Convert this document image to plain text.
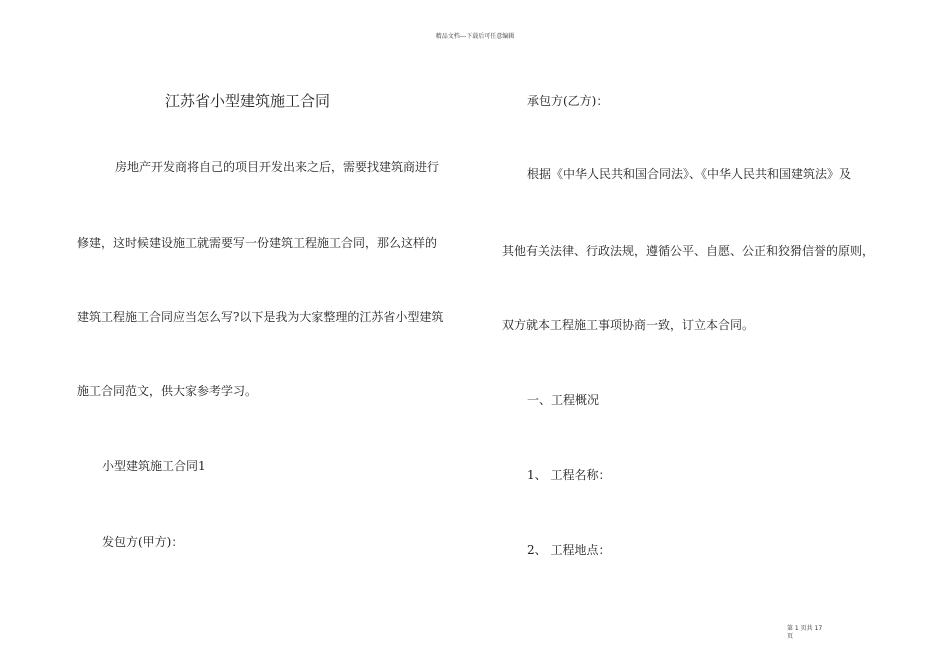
精品文档---下载后可任意编辑
江苏省小型建筑施工合同
房地产开发商将自己的项目开发出来之后，需要找建筑商进行
修建，这时候建设施工就需要写一份建筑工程施工合同，那么这样的
建筑工程施工合同应当怎么写?以下是我为大家整理的江苏省小型建筑
施工合同范文，供大家参考学习。
小型建筑施工合同1
发包方(甲方)：
承包方(乙方)：
根据《中华人民共和国合同法》、《中华人民共和国建筑法》及
其他有关法律、行政法规，遵循公平、自愿、公正和狡猾信誉的原则，
双方就本工程施工事项协商一致，订立本合同。
一、工程概况
1、 工程名称：
2、 工程地点：
第 1 页共 17
页
